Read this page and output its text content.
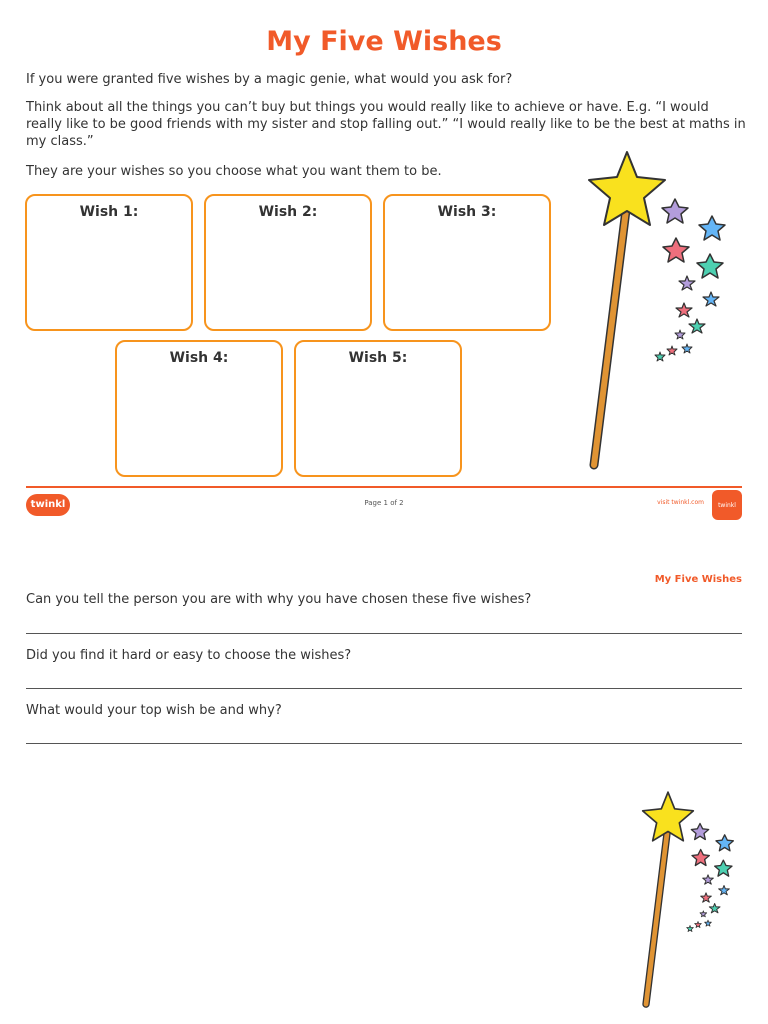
My Five Wishes
If you were granted five wishes by a magic genie, what would you ask for?
Think about all the things you can’t buy but things you would really like to achieve or have. E.g. “I would really like to be good friends with my sister and stop falling out.” “I would really like to be the best at maths in my class.”
They are your wishes so you choose what you want them to be.
Wish 1:	Wish 2:	Wish 3:
Wish 4:	Wish 5:
twinkl	Page 1 of 2	visit twinkl.com twinkl
My Five Wishes
Can you tell the person you are with why you have chosen these five wishes?
Did you find it hard or easy to choose the wishes?
What would your top wish be and why?
